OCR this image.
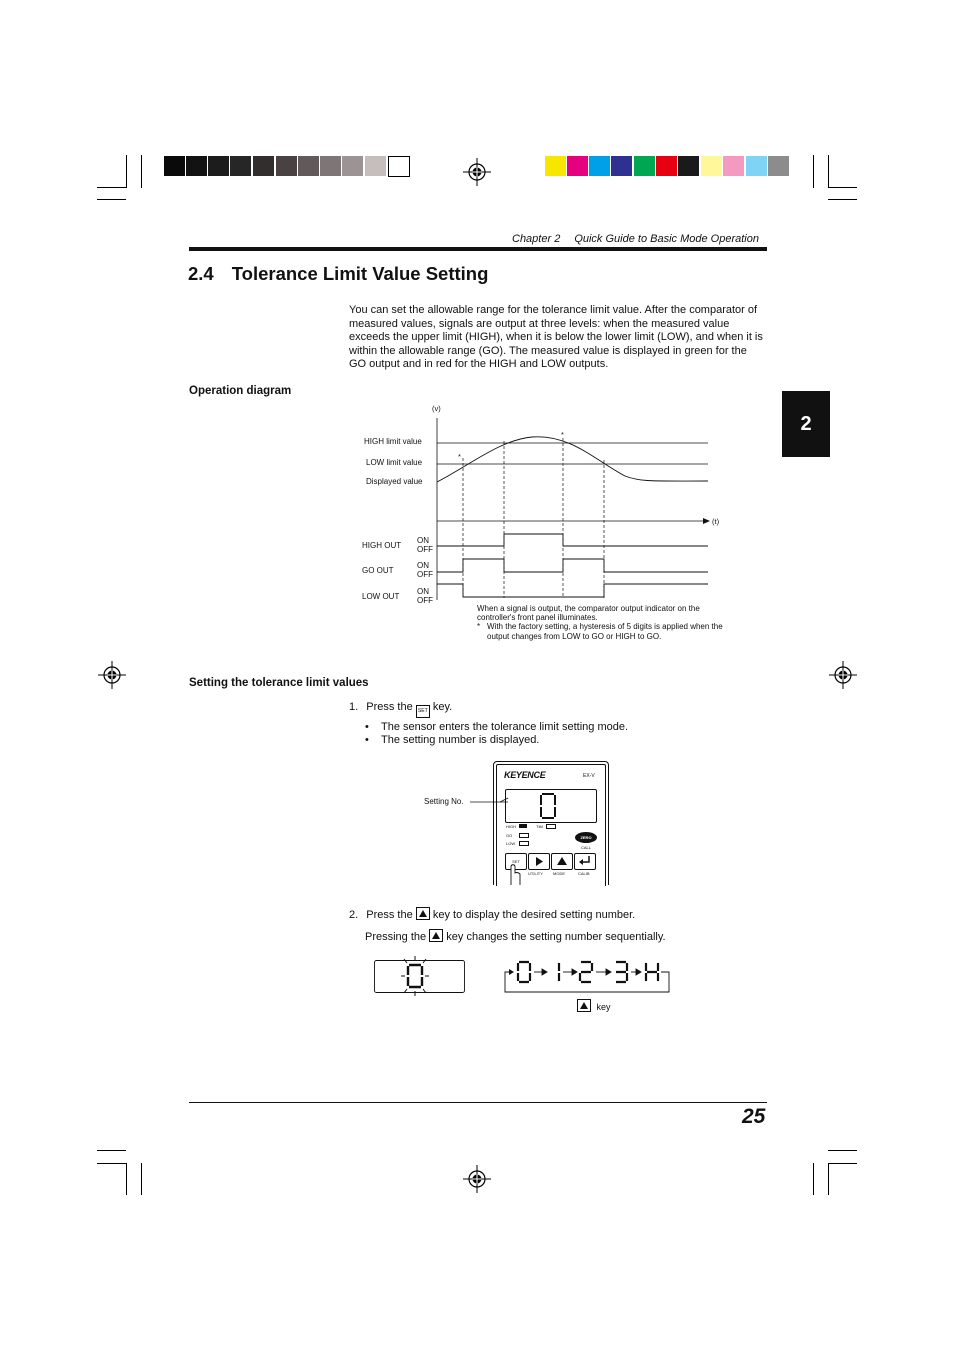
Chapter 2 Quick Guide to Basic Mode Operation
2.4 Tolerance Limit Value Setting
2
You can set the allowable range for the tolerance limit value. After the comparator of measured values, signals are output at three levels: when the measured value exceeds the upper limit (HIGH), when it is below the lower limit (LOW), and when it is within the allowable range (GO). The measured value is displayed in green for the GO output and in red for the HIGH and LOW outputs.
Operation diagram
(v)
HIGH limit value
LOW limit value
Displayed value
(t)
*
*
HIGH OUT
ON
OFF
GO OUT
ON
OFF
LOW OUT
ON
OFF
When a signal is output, the comparator output indicator on the controller's front panel illuminates.
* With the factory setting, a hysteresis of 5 digits is applied when the output changes from LOW to GO or HIGH to GO.
Setting the tolerance limit values
1. Press the SET key.
• The sensor enters the tolerance limit setting mode.
• The setting number is displayed.
Setting No.
KEYENCE	EX-V
HIGH	TIM
GO
LOW
ZERO
CALL
SET
UTILITY	MODE	CALIB
2. Press the key to display the desired setting number.
Pressing the key changes the setting number sequentially.
key
25
